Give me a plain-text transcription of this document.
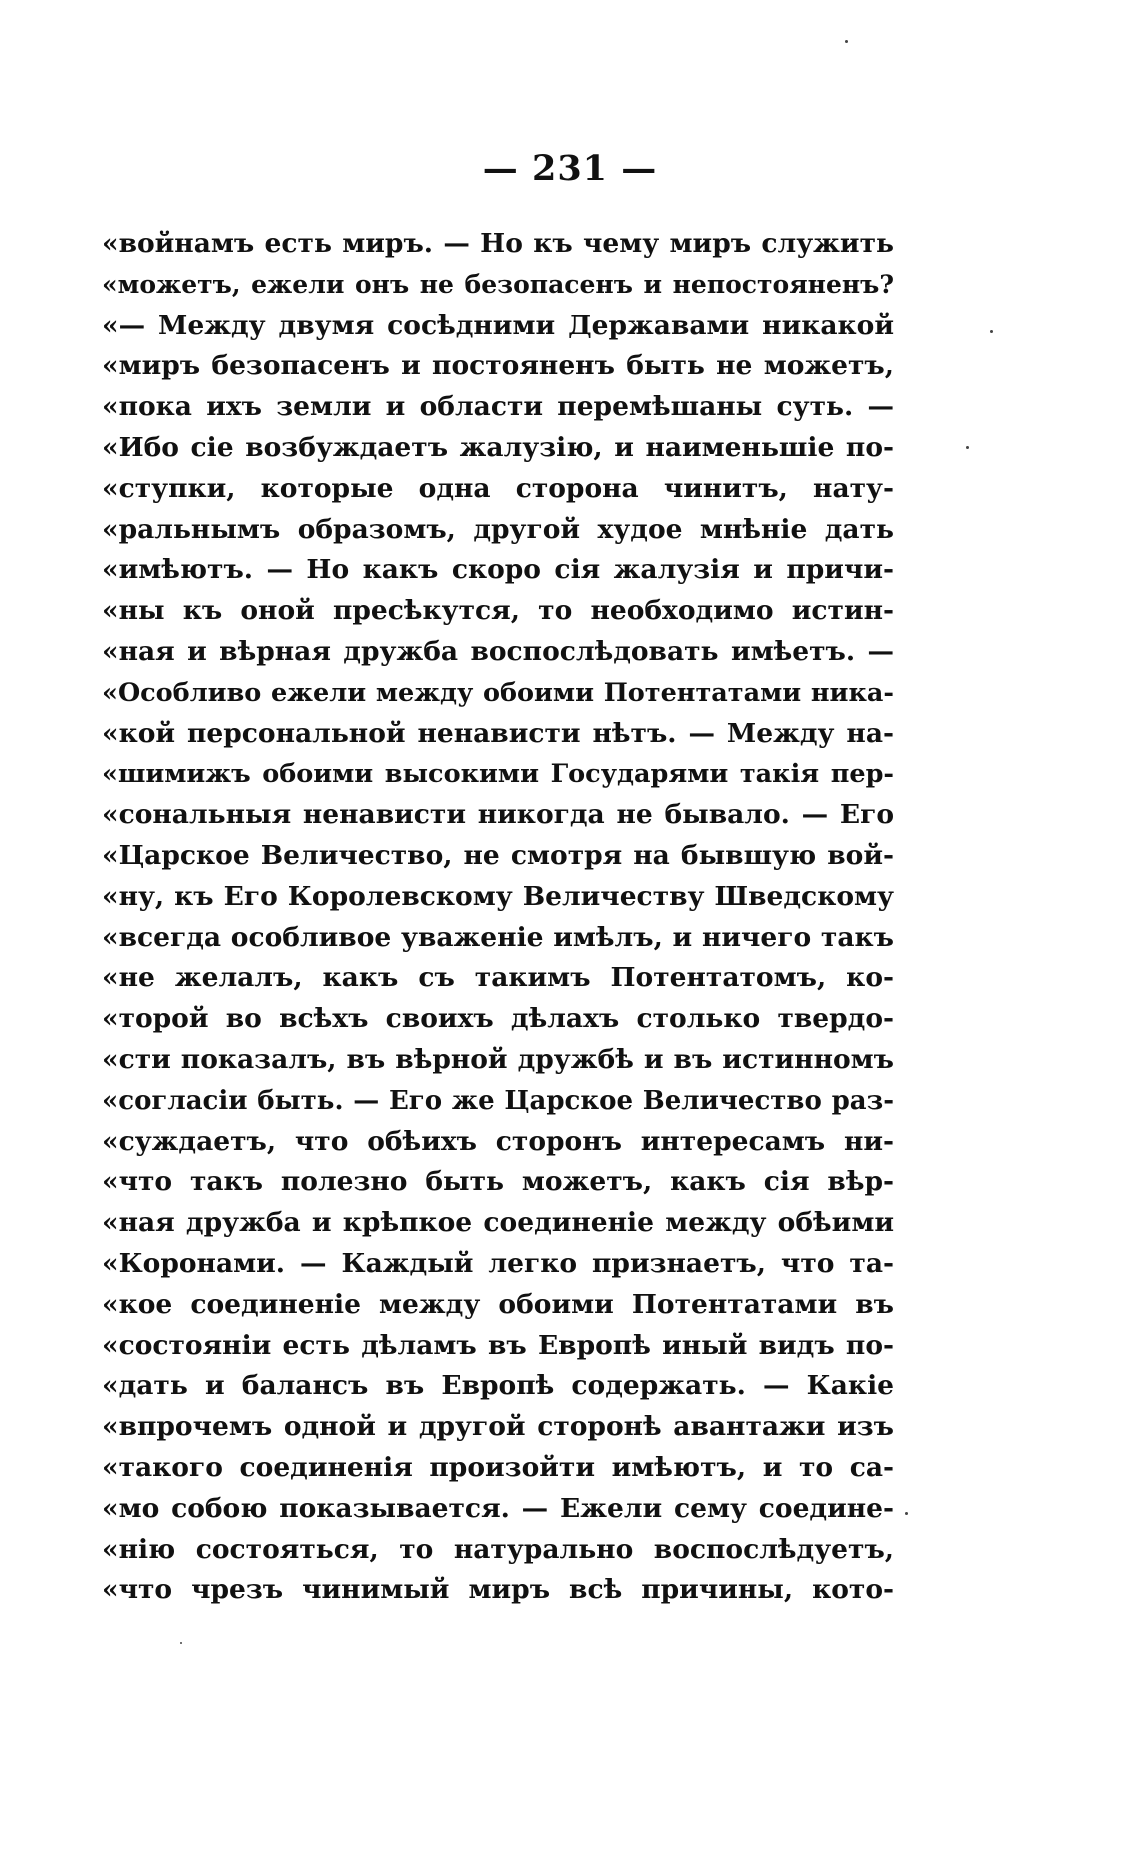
— 231 —
«войнамъ есть миръ. — Но къ чему миръ служить
«можетъ, ежели онъ не безопасенъ и непостояненъ?
«— Между двумя сосѣдними Державами никакой
«миръ безопасенъ и постояненъ быть не можетъ,
«пока ихъ земли и области перемѣшаны суть. —
«Ибо сіе возбуждаетъ жалузію, и наименьшіе по-
«ступки, которые одна сторона чинитъ, нату-
«ральнымъ образомъ, другой худое мнѣніе дать
«имѣютъ. — Но какъ скоро сія жалузія и причи-
«ны къ оной пресѣкутся, то необходимо истин-
«ная и вѣрная дружба воспослѣдовать имѣетъ. —
«Особливо ежели между обоими Потентатами ника-
«кой персональной ненависти нѣтъ. — Между на-
«шимижъ обоими высокими Государями такія пер-
«сональныя ненависти никогда не бывало. — Его
«Царское Величество, не смотря на бывшую вой-
«ну, къ Его Королевскому Величеству Шведскому
«всегда особливое уваженіе имѣлъ, и ничего такъ
«не желалъ, какъ съ такимъ Потентатомъ, ко-
«торой во всѣхъ своихъ дѣлахъ столько твердо-
«сти показалъ, въ вѣрной дружбѣ и въ истинномъ
«согласіи быть. — Его же Царское Величество раз-
«суждаетъ, что обѣихъ сторонъ интересамъ ни-
«что такъ полезно быть можетъ, какъ сія вѣр-
«ная дружба и крѣпкое соединеніе между обѣими
«Коронами. — Каждый легко признаетъ, что та-
«кое соединеніе между обоими Потентатами въ
«состояніи есть дѣламъ въ Европѣ иный видъ по-
«дать и балансъ въ Европѣ содержать. — Какіе
«впрочемъ одной и другой сторонѣ авантажи изъ
«такого соединенія произойти имѣютъ, и то са-
«мо собою показывается. — Ежели сему соедине-
«нію состояться, то натурально воспослѣдуетъ,
«что чрезъ чинимый миръ всѣ причины, кото-
